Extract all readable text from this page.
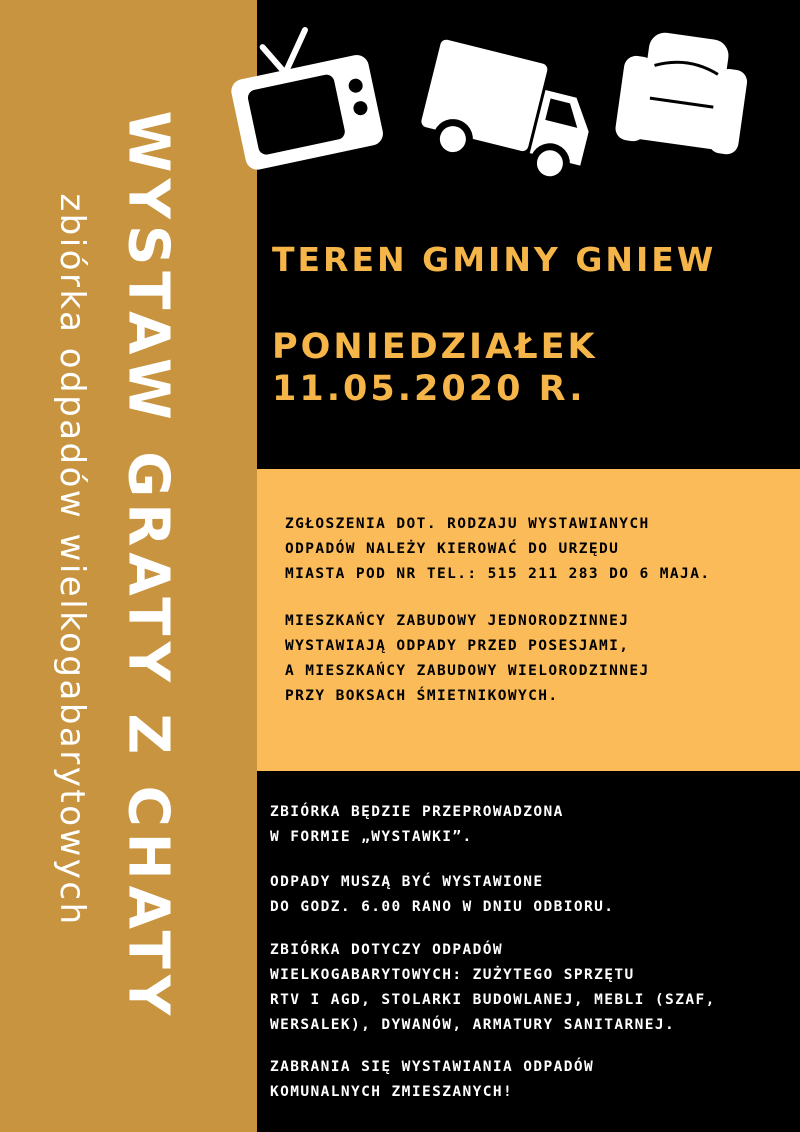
WYSTAW GRATY Z CHATY
zbiórka odpadów wielkogabarytowych	TEREN GMINY GNIEW
PONIEDZIAŁEK
11.05.2020 R.
ZGŁOSZENIA DOT. RODZAJU WYSTAWIANYCH
ODPADÓW NALEŻY KIEROWAĆ DO URZĘDU
MIASTA POD NR TEL.: 515 211 283 DO 6 MAJA.
MIESZKAŃCY ZABUDOWY JEDNORODZINNEJ
WYSTAWIAJĄ ODPADY PRZED POSESJAMI,
A MIESZKAŃCY ZABUDOWY WIELORODZINNEJ
PRZY BOKSACH ŚMIETNIKOWYCH.
ZBIÓRKA BĘDZIE PRZEPROWADZONA
W FORMIE „WYSTAWKI”.
ODPADY MUSZĄ BYĆ WYSTAWIONE
DO GODZ. 6.00 RANO W DNIU ODBIORU.
ZBIÓRKA DOTYCZY ODPADÓW
WIELKOGABARYTOWYCH: ZUŻYTEGO SPRZĘTU
RTV I AGD, STOLARKI BUDOWLANEJ, MEBLI (SZAF,
WERSALEK), DYWANÓW, ARMATURY SANITARNEJ.
ZABRANIA SIĘ WYSTAWIANIA ODPADÓW
KOMUNALNYCH ZMIESZANYCH!
